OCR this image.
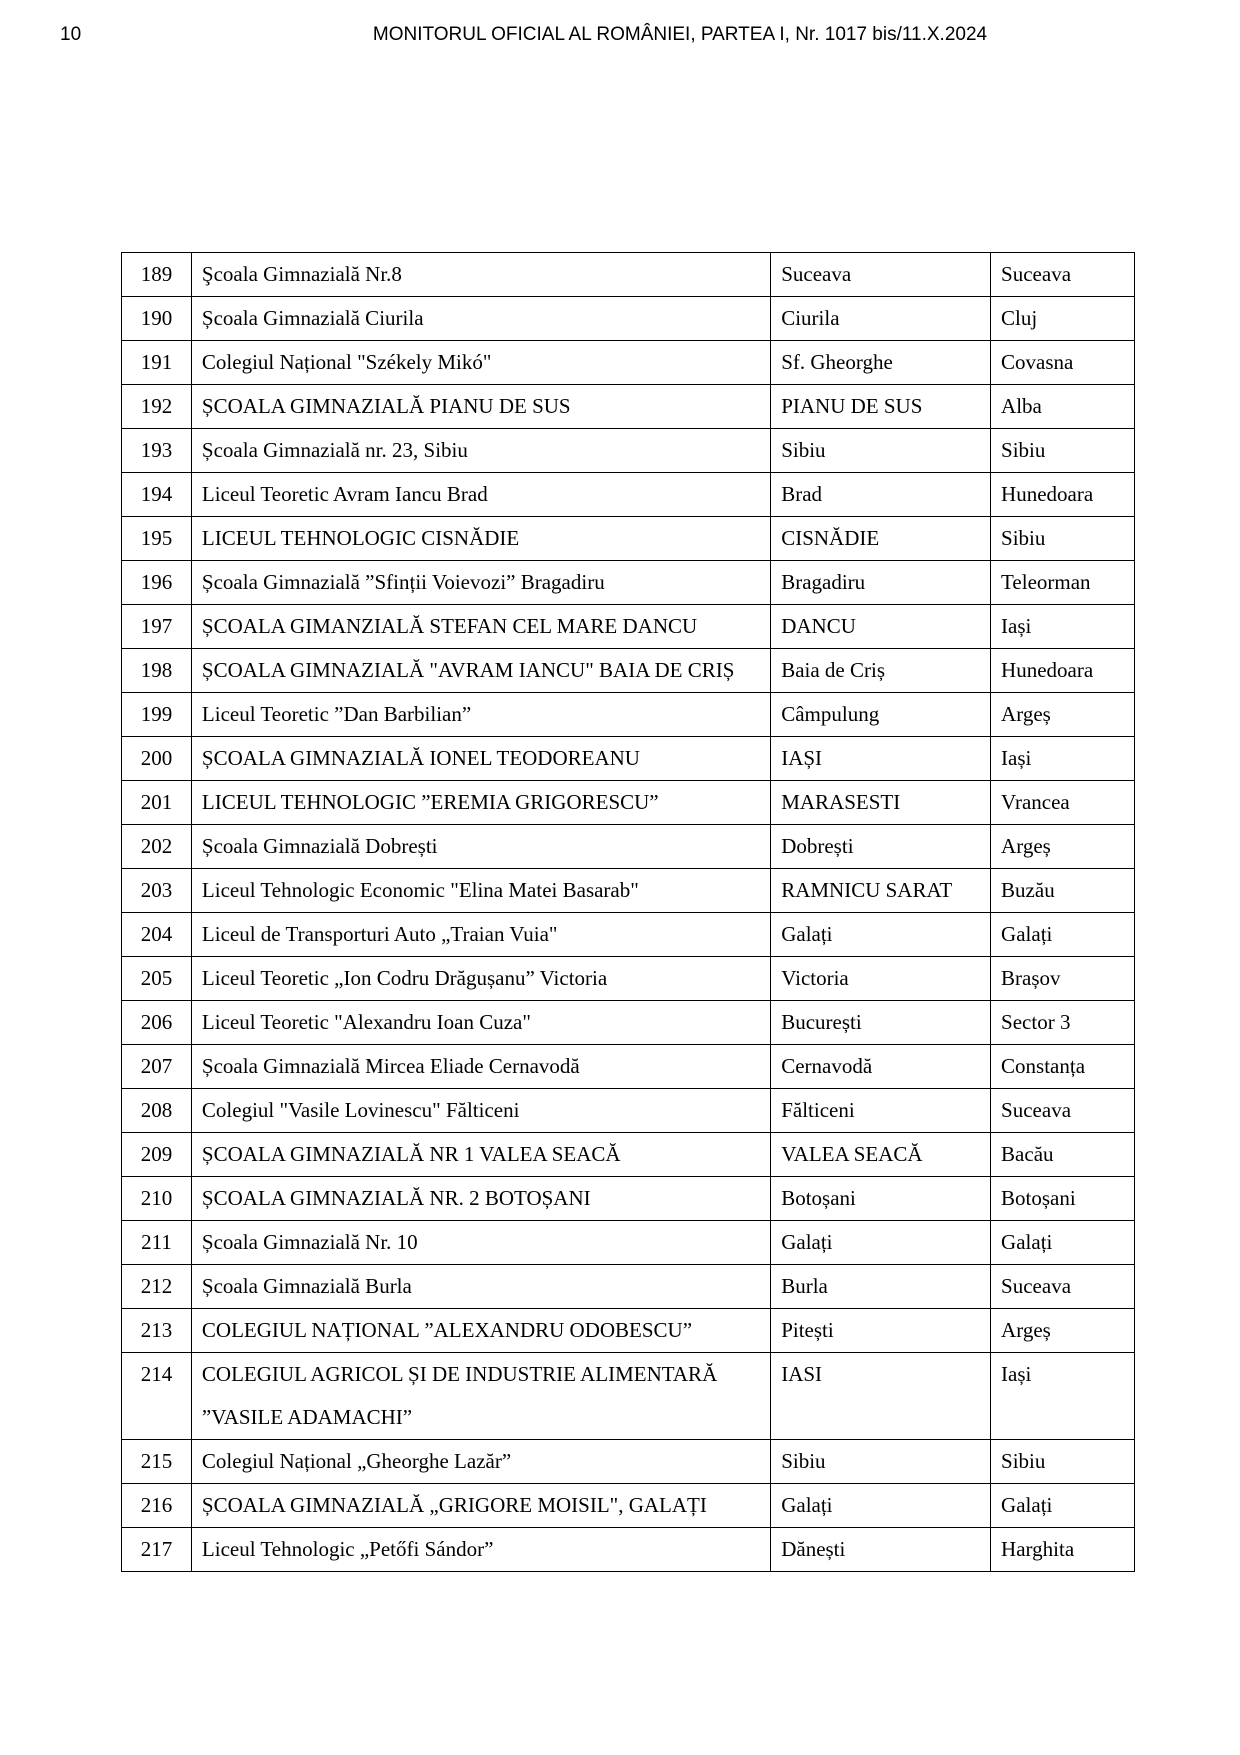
10	MONITORUL OFICIAL AL ROMÂNIEI, PARTEA I, Nr. 1017 bis/11.X.2024
189	Şcoala Gimnazială Nr.8	Suceava	Suceava
190	Școala Gimnazială Ciurila	Ciurila	Cluj
191	Colegiul Național "Székely Mikó"	Sf. Gheorghe	Covasna
192	ȘCOALA GIMNAZIALĂ PIANU DE SUS	PIANU DE SUS	Alba
193	Școala Gimnazială nr. 23, Sibiu	Sibiu	Sibiu
194	Liceul Teoretic Avram Iancu Brad	Brad	Hunedoara
195	LICEUL TEHNOLOGIC CISNĂDIE	CISNĂDIE	Sibiu
196	Școala Gimnazială ”Sfinții Voievozi” Bragadiru	Bragadiru	Teleorman
197	ȘCOALA GIMANZIALĂ STEFAN CEL MARE DANCU	DANCU	Iași
198	ȘCOALA GIMNAZIALĂ "AVRAM IANCU" BAIA DE CRIȘ	Baia de Criș	Hunedoara
199	Liceul Teoretic ”Dan Barbilian”	Câmpulung	Argeș
200	ȘCOALA GIMNAZIALĂ IONEL TEODOREANU	IAȘI	Iași
201	LICEUL TEHNOLOGIC ”EREMIA GRIGORESCU”	MARASESTI	Vrancea
202	Școala Gimnazială Dobrești	Dobrești	Argeș
203	Liceul Tehnologic Economic "Elina Matei Basarab"	RAMNICU SARAT	Buzău
204	Liceul de Transporturi Auto „Traian Vuia"	Galați	Galați
205	Liceul Teoretic „Ion Codru Drăgușanu” Victoria	Victoria	Brașov
206	Liceul Teoretic "Alexandru Ioan Cuza"	București	Sector 3
207	Școala Gimnazială Mircea Eliade Cernavodă	Cernavodă	Constanța
208	Colegiul "Vasile Lovinescu" Fălticeni	Fălticeni	Suceava
209	ȘCOALA GIMNAZIALĂ NR 1 VALEA SEACĂ	VALEA SEACĂ	Bacău
210	ȘCOALA GIMNAZIALĂ NR. 2 BOTOȘANI	Botoșani	Botoșani
211	Școala Gimnazială Nr. 10	Galați	Galați
212	Școala Gimnazială Burla	Burla	Suceava
213	COLEGIUL NAȚIONAL ”ALEXANDRU ODOBESCU”	Pitești	Argeș
214	COLEGIUL AGRICOL ȘI DE INDUSTRIE ALIMENTARĂ ”VASILE ADAMACHI”	IASI	Iași
215	Colegiul Național „Gheorghe Lazăr”	Sibiu	Sibiu
216	ȘCOALA GIMNAZIALĂ „GRIGORE MOISIL", GALAȚI	Galați	Galați
217	Liceul Tehnologic „Petőfi Sándor”	Dănești	Harghita
